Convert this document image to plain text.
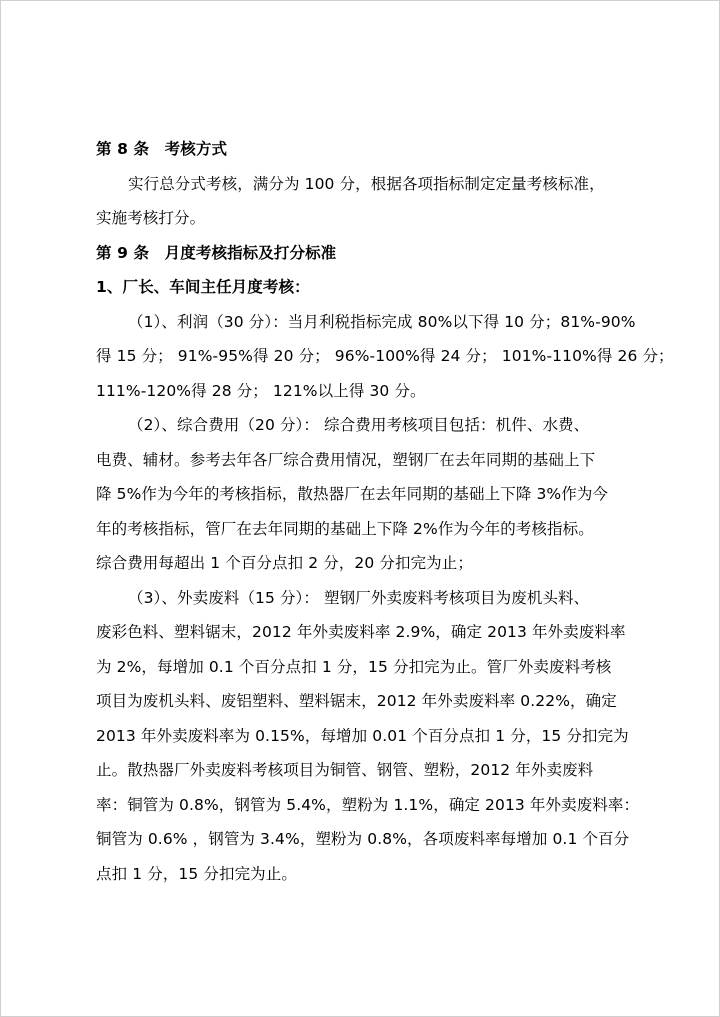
第 8 条　考核方式
实行总分式考核，满分为 100 分，根据各项指标制定定量考核标准，
实施考核打分。
第 9 条　月度考核指标及打分标准
1、厂长、车间主任月度考核：
（1）、利润（30 分）：当月利税指标完成 80%以下得 10 分；81%-90%
得 15 分； 91%-95%得 20 分； 96%-100%得 24 分； 101%-110%得 26 分；
111%-120%得 28 分； 121%以上得 30 分。
（2）、综合费用（20 分）： 综合费用考核项目包括：机件、水费、
电费、辅材。参考去年各厂综合费用情况，塑钢厂在去年同期的基础上下
降 5%作为今年的考核指标，散热器厂在去年同期的基础上下降 3%作为今
年的考核指标，管厂在去年同期的基础上下降 2%作为今年的考核指标。
综合费用每超出 1 个百分点扣 2 分，20 分扣完为止；
（3）、外卖废料（15 分）： 塑钢厂外卖废料考核项目为废机头料、
废彩色料、塑料锯末，2012 年外卖废料率 2.9%，确定 2013 年外卖废料率
为 2%，每增加 0.1 个百分点扣 1 分，15 分扣完为止。管厂外卖废料考核
项目为废机头料、废铝塑料、塑料锯末，2012 年外卖废料率 0.22%，确定
2013 年外卖废料率为 0.15%，每增加 0.01 个百分点扣 1 分，15 分扣完为
止。散热器厂外卖废料考核项目为铜管、钢管、塑粉，2012 年外卖废料
率：铜管为 0.8%，钢管为 5.4%，塑粉为 1.1%，确定 2013 年外卖废料率：
铜管为 0.6% ，钢管为 3.4%，塑粉为 0.8%，各项废料率每增加 0.1 个百分
点扣 1 分，15 分扣完为止。
